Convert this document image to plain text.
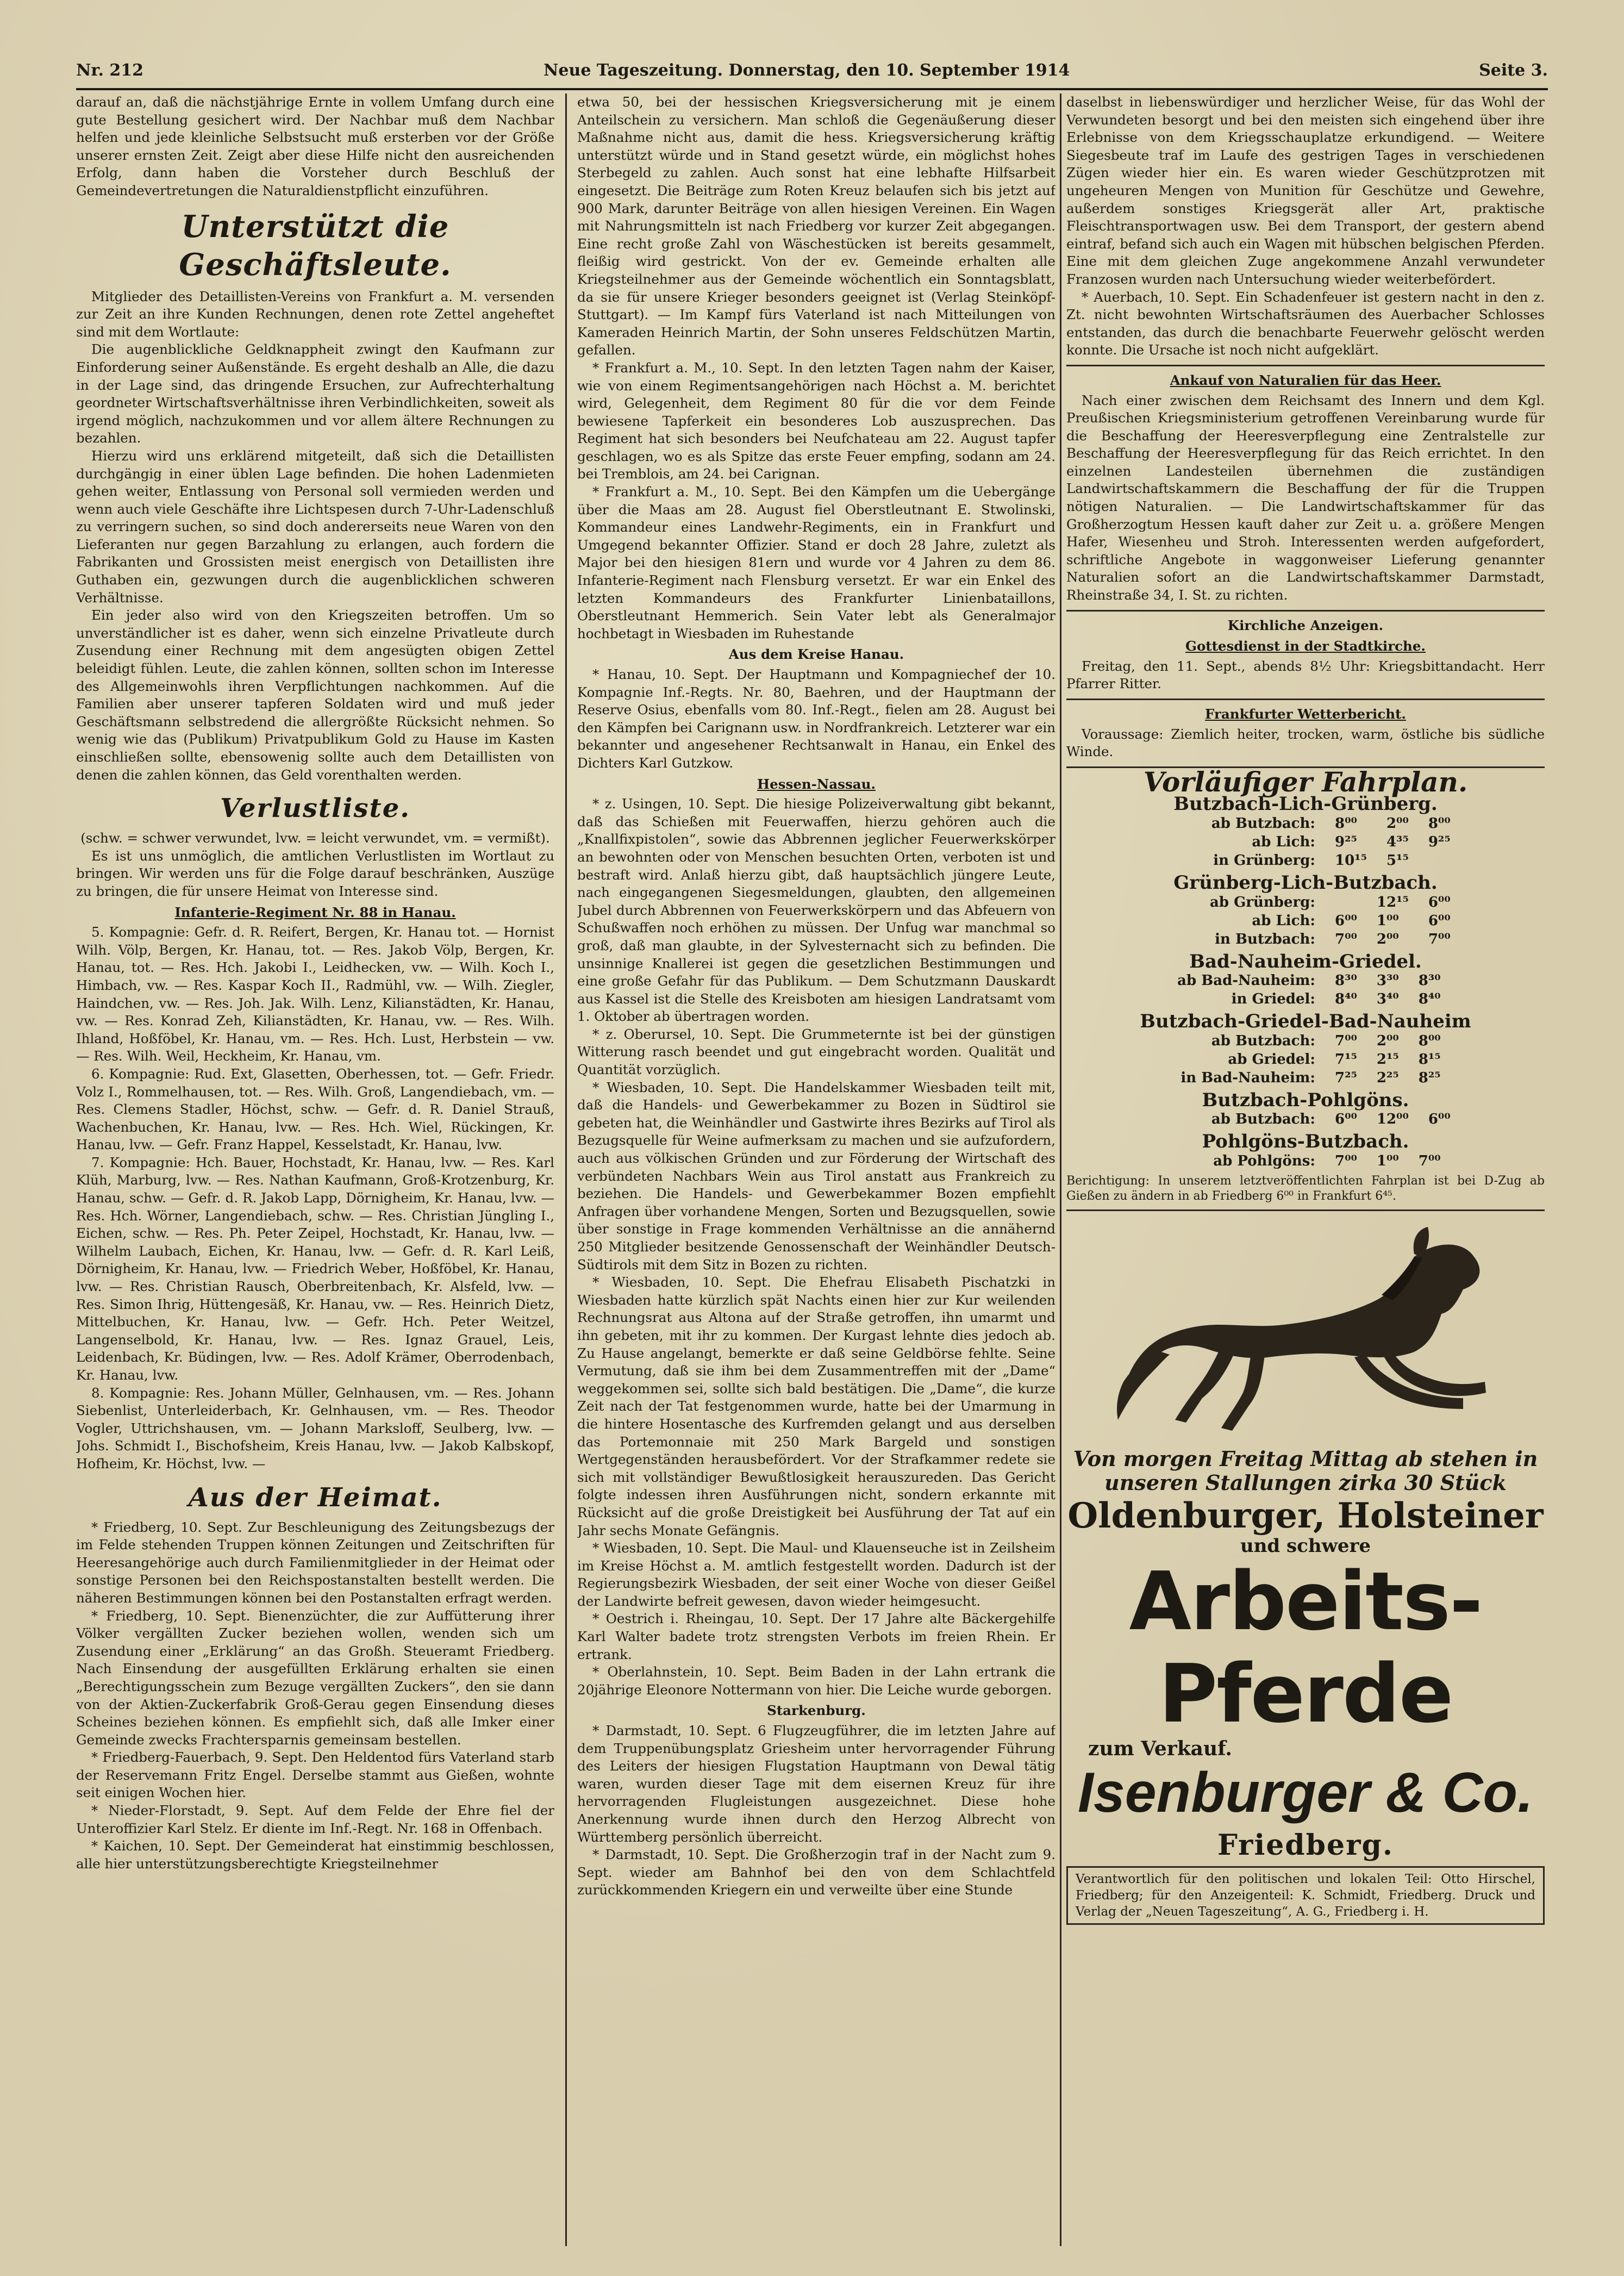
Nr. 212	Neue Tageszeitung. Donnerstag, den 10. September 1914	Seite 3.

darauf an, daß die nächstjährige Ernte in vollem Umfang durch eine gute Bestellung gesichert wird. Der Nachbar muß dem Nachbar helfen und jede kleinliche Selbstsucht muß ersterben vor der Größe unserer ernsten Zeit. Zeigt aber diese Hilfe nicht den ausreichenden Erfolg, dann haben die Vorsteher durch Beschluß der Gemeindevertretungen die Naturaldienstpflicht einzuführen.

Unterstützt die Geschäftsleute.

Mitglieder des Detaillisten-Vereins von Frankfurt a. M. versenden zur Zeit an ihre Kunden Rechnungen, denen rote Zettel angeheftet sind mit dem Wortlaute:

Die augenblickliche Geldknappheit zwingt den Kaufmann zur Einforderung seiner Außenstände. Es ergeht deshalb an Alle, die dazu in der Lage sind, das dringende Ersuchen, zur Aufrechterhaltung geordneter Wirtschaftsverhältnisse ihren Verbindlichkeiten, soweit als irgend möglich, nachzukommen und vor allem ältere Rechnungen zu bezahlen.

Hierzu wird uns erklärend mitgeteilt, daß sich die Detaillisten durchgängig in einer üblen Lage befinden. Die hohen Ladenmieten gehen weiter, Entlassung von Personal soll vermieden werden und wenn auch viele Geschäfte ihre Lichtspesen durch 7-Uhr-Ladenschluß zu verringern suchen, so sind doch andererseits neue Waren von den Lieferanten nur gegen Barzahlung zu erlangen, auch fordern die Fabrikanten und Grossisten meist energisch von Detaillisten ihre Guthaben ein, gezwungen durch die augenblicklichen schweren Verhältnisse.

Ein jeder also wird von den Kriegszeiten betroffen. Um so unverständlicher ist es daher, wenn sich einzelne Privatleute durch Zusendung einer Rechnung mit dem angesügten obigen Zettel beleidigt fühlen. Leute, die zahlen können, sollten schon im Interesse des Allgemeinwohls ihren Verpflichtungen nachkommen. Auf die Familien aber unserer tapferen Soldaten wird und muß jeder Geschäftsmann selbstredend die allergrößte Rücksicht nehmen. So wenig wie das (Publikum) Privatpublikum Gold zu Hause im Kasten einschließen sollte, ebensowenig sollte auch dem Detaillisten von denen die zahlen können, das Geld vorenthalten werden.

Verlustliste.

(schw. = schwer verwundet, lvw. = leicht verwundet, vm. = vermißt).

Es ist uns unmöglich, die amtlichen Verlustlisten im Wortlaut zu bringen. Wir werden uns für die Folge darauf beschränken, Auszüge zu bringen, die für unsere Heimat von Interesse sind.

Infanterie-Regiment Nr. 88 in Hanau.

5. Kompagnie: Gefr. d. R. Reifert, Bergen, Kr. Hanau tot. — Hornist Wilh. Völp, Bergen, Kr. Hanau, tot. — Res. Jakob Völp, Bergen, Kr. Hanau, tot. — Res. Hch. Jakobi I., Leidhecken, vw. — Wilh. Koch I., Himbach, vw. — Res. Kaspar Koch II., Radmühl, vw. — Wilh. Ziegler, Haindchen, vw. — Res. Joh. Jak. Wilh. Lenz, Kilianstädten, Kr. Hanau, vw. — Res. Konrad Zeh, Kilianstädten, Kr. Hanau, vw. — Res. Wilh. Ihland, Hoßföbel, Kr. Hanau, vm. — Res. Hch. Lust, Herbstein — vw. — Res. Wilh. Weil, Heckheim, Kr. Hanau, vm.

6. Kompagnie: Rud. Ext, Glasetten, Oberhessen, tot. — Gefr. Friedr. Volz I., Rommelhausen, tot. — Res. Wilh. Groß, Langendiebach, vm. — Res. Clemens Stadler, Höchst, schw. — Gefr. d. R. Daniel Strauß, Wachenbuchen, Kr. Hanau, lvw. — Res. Hch. Wiel, Rückingen, Kr. Hanau, lvw. — Gefr. Franz Happel, Kesselstadt, Kr. Hanau, lvw.

7. Kompagnie: Hch. Bauer, Hochstadt, Kr. Hanau, lvw. — Res. Karl Klüh, Marburg, lvw. — Res. Nathan Kaufmann, Groß-Krotzenburg, Kr. Hanau, schw. — Gefr. d. R. Jakob Lapp, Dörnigheim, Kr. Hanau, lvw. — Res. Hch. Wörner, Langendiebach, schw. — Res. Christian Jüngling I., Eichen, schw. — Res. Ph. Peter Zeipel, Hochstadt, Kr. Hanau, lvw. — Wilhelm Laubach, Eichen, Kr. Hanau, lvw. — Gefr. d. R. Karl Leiß, Dörnigheim, Kr. Hanau, lvw. — Friedrich Weber, Hoßföbel, Kr. Hanau, lvw. — Res. Christian Rausch, Oberbreitenbach, Kr. Alsfeld, lvw. — Res. Simon Ihrig, Hüttengesäß, Kr. Hanau, vw. — Res. Heinrich Dietz, Mittelbuchen, Kr. Hanau, lvw. — Gefr. Hch. Peter Weitzel, Langenselbold, Kr. Hanau, lvw. — Res. Ignaz Grauel, Leis, Leidenbach, Kr. Büdingen, lvw. — Res. Adolf Krämer, Oberrodenbach, Kr. Hanau, lvw.

8. Kompagnie: Res. Johann Müller, Gelnhausen, vm. — Res. Johann Siebenlist, Unterleiderbach, Kr. Gelnhausen, vm. — Res. Theodor Vogler, Uttrichshausen, vm. — Johann Marksloff, Seulberg, lvw. — Johs. Schmidt I., Bischofsheim, Kreis Hanau, lvw. — Jakob Kalbskopf, Hofheim, Kr. Höchst, lvw. —

Aus der Heimat.

* Friedberg, 10. Sept. Zur Beschleunigung des Zeitungsbezugs der im Felde stehenden Truppen können Zeitungen und Zeitschriften für Heeresangehörige auch durch Familienmitglieder in der Heimat oder sonstige Personen bei den Reichspostanstalten bestellt werden. Die näheren Bestimmungen können bei den Postanstalten erfragt werden.

* Friedberg, 10. Sept. Bienenzüchter, die zur Auffütterung ihrer Völker vergällten Zucker beziehen wollen, wenden sich um Zusendung einer „Erklärung“ an das Großh. Steueramt Friedberg. Nach Einsendung der ausgefüllten Erklärung erhalten sie einen „Berechtigungsschein zum Bezuge vergällten Zuckers“, den sie dann von der Aktien-Zuckerfabrik Groß-Gerau gegen Einsendung dieses Scheines beziehen können. Es empfiehlt sich, daß alle Imker einer Gemeinde zwecks Frachtersparnis gemeinsam bestellen.

* Friedberg-Fauerbach, 9. Sept. Den Heldentod fürs Vaterland starb der Reservemann Fritz Engel. Derselbe stammt aus Gießen, wohnte seit einigen Wochen hier.

* Nieder-Florstadt, 9. Sept. Auf dem Felde der Ehre fiel der Unteroffizier Karl Stelz. Er diente im Inf.-Regt. Nr. 168 in Offenbach.

* Kaichen, 10. Sept. Der Gemeinderat hat einstimmig beschlossen, alle hier unterstützungsberechtigte Kriegsteilnehmer

etwa 50, bei der hessischen Kriegsversicherung mit je einem Anteilschein zu versichern. Man schloß die Gegenäußerung dieser Maßnahme nicht aus, damit die hess. Kriegsversicherung kräftig unterstützt würde und in Stand gesetzt würde, ein möglichst hohes Sterbegeld zu zahlen. Auch sonst hat eine lebhafte Hilfsarbeit eingesetzt. Die Beiträge zum Roten Kreuz belaufen sich bis jetzt auf 900 Mark, darunter Beiträge von allen hiesigen Vereinen. Ein Wagen mit Nahrungsmitteln ist nach Friedberg vor kurzer Zeit abgegangen. Eine recht große Zahl von Wäschestücken ist bereits gesammelt, fleißig wird gestrickt. Von der ev. Gemeinde erhalten alle Kriegsteilnehmer aus der Gemeinde wöchentlich ein Sonntagsblatt, da sie für unsere Krieger besonders geeignet ist (Verlag Steinköpf-Stuttgart). — Im Kampf fürs Vaterland ist nach Mitteilungen von Kameraden Heinrich Martin, der Sohn unseres Feldschützen Martin, gefallen.

* Frankfurt a. M., 10. Sept. In den letzten Tagen nahm der Kaiser, wie von einem Regimentsangehörigen nach Höchst a. M. berichtet wird, Gelegenheit, dem Regiment 80 für die vor dem Feinde bewiesene Tapferkeit ein besonderes Lob auszusprechen. Das Regiment hat sich besonders bei Neufchateau am 22. August tapfer geschlagen, wo es als Spitze das erste Feuer empfing, sodann am 24. bei Tremblois, am 24. bei Carignan.

* Frankfurt a. M., 10. Sept. Bei den Kämpfen um die Uebergänge über die Maas am 28. August fiel Oberstleutnant E. Stwolinski, Kommandeur eines Landwehr-Regiments, ein in Frankfurt und Umgegend bekannter Offizier. Stand er doch 28 Jahre, zuletzt als Major bei den hiesigen 81ern und wurde vor 4 Jahren zu dem 86. Infanterie-Regiment nach Flensburg versetzt. Er war ein Enkel des letzten Kommandeurs des Frankfurter Linienbataillons, Oberstleutnant Hemmerich. Sein Vater lebt als Generalmajor hochbetagt in Wiesbaden im Ruhestande

Aus dem Kreise Hanau.

* Hanau, 10. Sept. Der Hauptmann und Kompagniechef der 10. Kompagnie Inf.-Regts. Nr. 80, Baehren, und der Hauptmann der Reserve Osius, ebenfalls vom 80. Inf.-Regt., fielen am 28. August bei den Kämpfen bei Carignann usw. in Nordfrankreich. Letzterer war ein bekannter und angesehener Rechtsanwalt in Hanau, ein Enkel des Dichters Karl Gutzkow.

Hessen-Nassau.

* z. Usingen, 10. Sept. Die hiesige Polizeiverwaltung gibt bekannt, daß das Schießen mit Feuerwaffen, hierzu gehören auch die „Knallfixpistolen“, sowie das Abbrennen jeglicher Feuerwerkskörper an bewohnten oder von Menschen besuchten Orten, verboten ist und bestraft wird. Anlaß hierzu gibt, daß hauptsächlich jüngere Leute, nach eingegangenen Siegesmeldungen, glaubten, den allgemeinen Jubel durch Abbrennen von Feuerwerkskörpern und das Abfeuern von Schußwaffen noch erhöhen zu müssen. Der Unfug war manchmal so groß, daß man glaubte, in der Sylvesternacht sich zu befinden. Die unsinnige Knallerei ist gegen die gesetzlichen Bestimmungen und eine große Gefahr für das Publikum. — Dem Schutzmann Dauskardt aus Kassel ist die Stelle des Kreisboten am hiesigen Landratsamt vom 1. Oktober ab übertragen worden.

* z. Oberursel, 10. Sept. Die Grummeternte ist bei der günstigen Witterung rasch beendet und gut eingebracht worden. Qualität und Quantität vorzüglich.

* Wiesbaden, 10. Sept. Die Handelskammer Wiesbaden teilt mit, daß die Handels- und Gewerbekammer zu Bozen in Südtirol sie gebeten hat, die Weinhändler und Gastwirte ihres Bezirks auf Tirol als Bezugsquelle für Weine aufmerksam zu machen und sie aufzufordern, auch aus völkischen Gründen und zur Förderung der Wirtschaft des verbündeten Nachbars Wein aus Tirol anstatt aus Frankreich zu beziehen. Die Handels- und Gewerbekammer Bozen empfiehlt Anfragen über vorhandene Mengen, Sorten und Bezugsquellen, sowie über sonstige in Frage kommenden Verhältnisse an die annähernd 250 Mitglieder besitzende Genossenschaft der Weinhändler Deutsch-Südtirols mit dem Sitz in Bozen zu richten.

* Wiesbaden, 10. Sept. Die Ehefrau Elisabeth Pischatzki in Wiesbaden hatte kürzlich spät Nachts einen hier zur Kur weilenden Rechnungsrat aus Altona auf der Straße getroffen, ihn umarmt und ihn gebeten, mit ihr zu kommen. Der Kurgast lehnte dies jedoch ab. Zu Hause angelangt, bemerkte er daß seine Geldbörse fehlte. Seine Vermutung, daß sie ihm bei dem Zusammentreffen mit der „Dame“ weggekommen sei, sollte sich bald bestätigen. Die „Dame“, die kurze Zeit nach der Tat festgenommen wurde, hatte bei der Umarmung in die hintere Hosentasche des Kurfremden gelangt und aus derselben das Portemonnaie mit 250 Mark Bargeld und sonstigen Wertgegenständen herausbefördert. Vor der Strafkammer redete sie sich mit vollständiger Bewußtlosigkeit herauszureden. Das Gericht folgte indessen ihren Ausführungen nicht, sondern erkannte mit Rücksicht auf die große Dreistigkeit bei Ausführung der Tat auf ein Jahr sechs Monate Gefängnis.

* Wiesbaden, 10. Sept. Die Maul- und Klauenseuche ist in Zeilsheim im Kreise Höchst a. M. amtlich festgestellt worden. Dadurch ist der Regierungsbezirk Wiesbaden, der seit einer Woche von dieser Geißel der Landwirte befreit gewesen, davon wieder heimgesucht.

* Oestrich i. Rheingau, 10. Sept. Der 17 Jahre alte Bäckergehilfe Karl Walter badete trotz strengsten Verbots im freien Rhein. Er ertrank.

* Oberlahnstein, 10. Sept. Beim Baden in der Lahn ertrank die 20jährige Eleonore Nottermann von hier. Die Leiche wurde geborgen.

Starkenburg.

* Darmstadt, 10. Sept. 6 Flugzeugführer, die im letzten Jahre auf dem Truppenübungsplatz Griesheim unter hervorragender Führung des Leiters der hiesigen Flugstation Hauptmann von Dewal tätig waren, wurden dieser Tage mit dem eisernen Kreuz für ihre hervorragenden Flugleistungen ausgezeichnet. Diese hohe Anerkennung wurde ihnen durch den Herzog Albrecht von Württemberg persönlich überreicht.

* Darmstadt, 10. Sept. Die Großherzogin traf in der Nacht zum 9. Sept. wieder am Bahnhof bei den von dem Schlachtfeld zurückkommenden Kriegern ein und verweilte über eine Stunde

daselbst in liebenswürdiger und herzlicher Weise, für das Wohl der Verwundeten besorgt und bei den meisten sich eingehend über ihre Erlebnisse von dem Kriegsschauplatze erkundigend. — Weitere Siegesbeute traf im Laufe des gestrigen Tages in verschiedenen Zügen wieder hier ein. Es waren wieder Geschützprotzen mit ungeheuren Mengen von Munition für Geschütze und Gewehre, außerdem sonstiges Kriegsgerät aller Art, praktische Fleischtransportwagen usw. Bei dem Transport, der gestern abend eintraf, befand sich auch ein Wagen mit hübschen belgischen Pferden. Eine mit dem gleichen Zuge angekommene Anzahl verwundeter Franzosen wurden nach Untersuchung wieder weiterbefördert.

* Auerbach, 10. Sept. Ein Schadenfeuer ist gestern nacht in den z. Zt. nicht bewohnten Wirtschaftsräumen des Auerbacher Schlosses entstanden, das durch die benachbarte Feuerwehr gelöscht werden konnte. Die Ursache ist noch nicht aufgeklärt.

Ankauf von Naturalien für das Heer.

Nach einer zwischen dem Reichsamt des Innern und dem Kgl. Preußischen Kriegsministerium getroffenen Vereinbarung wurde für die Beschaffung der Heeresverpflegung eine Zentralstelle zur Beschaffung der Heeresverpflegung für das Reich errichtet. In den einzelnen Landesteilen übernehmen die zuständigen Landwirtschaftskammern die Beschaffung der für die Truppen nötigen Naturalien. — Die Landwirtschaftskammer für das Großherzogtum Hessen kauft daher zur Zeit u. a. größere Mengen Hafer, Wiesenheu und Stroh. Interessenten werden aufgefordert, schriftliche Angebote in waggonweiser Lieferung genannter Naturalien sofort an die Landwirtschaftskammer Darmstadt, Rheinstraße 34, I. St. zu richten.

Kirchliche Anzeigen.
Gottesdienst in der Stadtkirche.

Freitag, den 11. Sept., abends 8½ Uhr: Kriegsbittandacht. Herr Pfarrer Ritter.

Frankfurter Wetterbericht.

Voraussage: Ziemlich heiter, trocken, warm, östliche bis südliche Winde.

Vorläufiger Fahrplan.
Butzbach-Lich-Grünberg.
ab Butzbach:	8⁰⁰	2⁰⁰	8⁰⁰
ab Lich:	9²⁵	4³⁵	9²⁵
in Grünberg:	10¹⁵	5¹⁵	
Grünberg-Lich-Butzbach.
ab Grünberg:		12¹⁵	6⁰⁰
ab Lich:	6⁰⁰	1⁰⁰	6⁰⁰
in Butzbach:	7⁰⁰	2⁰⁰	7⁰⁰
Bad-Nauheim-Griedel.
ab Bad-Nauheim:	8³⁰	3³⁰	8³⁰
in Griedel:	8⁴⁰	3⁴⁰	8⁴⁰
Butzbach-Griedel-Bad-Nauheim
ab Butzbach:	7⁰⁰	2⁰⁰	8⁰⁰
ab Griedel:	7¹⁵	2¹⁵	8¹⁵
in Bad-Nauheim:	7²⁵	2²⁵	8²⁵
Butzbach-Pohlgöns.
ab Butzbach:	6⁰⁰	12⁰⁰	6⁰⁰
Pohlgöns-Butzbach.
ab Pohlgöns:	7⁰⁰	1⁰⁰	7⁰⁰

Berichtigung: In unserem letztveröffentlichten Fahrplan ist bei D-Zug ab Gießen zu ändern in ab Friedberg 6⁰⁰ in Frankfurt 6⁴⁵.

Von morgen Freitag Mittag ab stehen in unseren Stallungen zirka 30 Stück
Oldenburger, Holsteiner
und schwere
Arbeits-Pferde
zum Verkauf.
Isenburger & Co.
Friedberg.

Verantwortlich für den politischen und lokalen Teil: Otto Hirschel, Friedberg; für den Anzeigenteil: K. Schmidt, Friedberg. Druck und Verlag der „Neuen Tageszeitung“, A. G., Friedberg i. H.
